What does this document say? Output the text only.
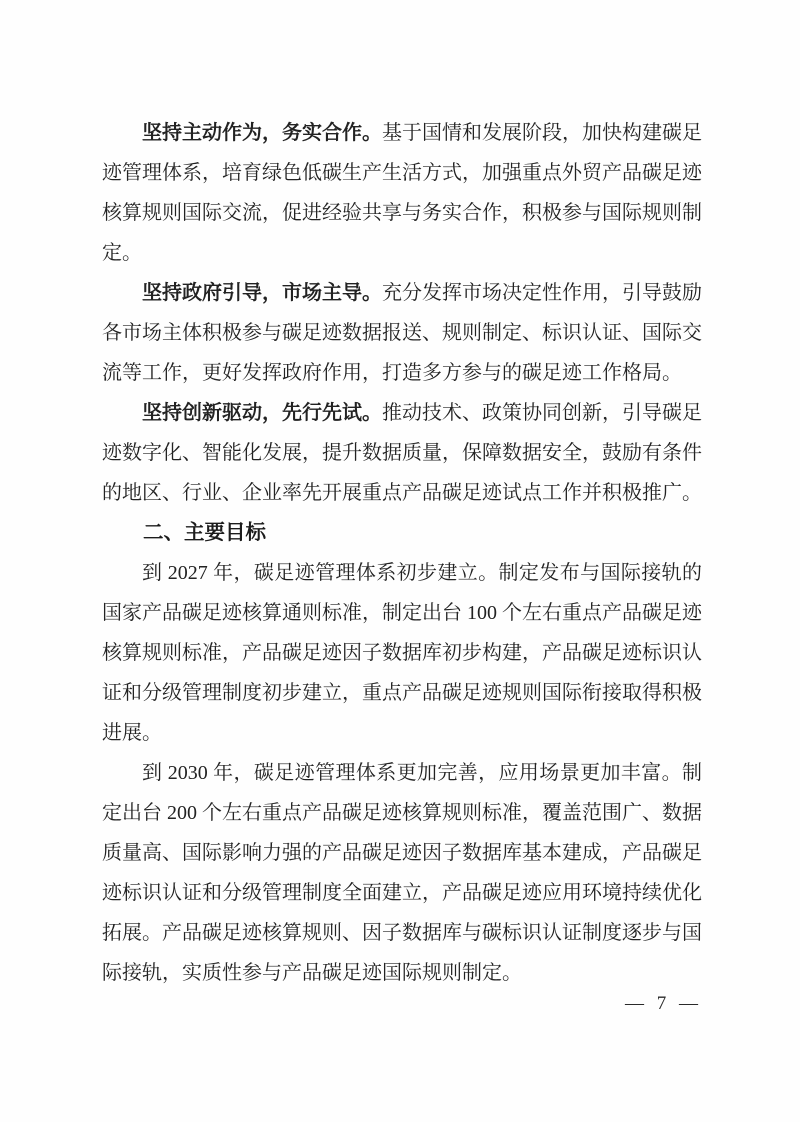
坚持主动作为，务实合作。基于国情和发展阶段，加快构建碳足迹管理体系，培育绿色低碳生产生活方式，加强重点外贸产品碳足迹核算规则国际交流，促进经验共享与务实合作，积极参与国际规则制定。

坚持政府引导，市场主导。充分发挥市场决定性作用，引导鼓励各市场主体积极参与碳足迹数据报送、规则制定、标识认证、国际交流等工作，更好发挥政府作用，打造多方参与的碳足迹工作格局。

坚持创新驱动，先行先试。推动技术、政策协同创新，引导碳足迹数字化、智能化发展，提升数据质量，保障数据安全，鼓励有条件的地区、行业、企业率先开展重点产品碳足迹试点工作并积极推广。

二、主要目标

到 2027 年，碳足迹管理体系初步建立。制定发布与国际接轨的国家产品碳足迹核算通则标准，制定出台 100 个左右重点产品碳足迹核算规则标准，产品碳足迹因子数据库初步构建，产品碳足迹标识认证和分级管理制度初步建立，重点产品碳足迹规则国际衔接取得积极进展。

到 2030 年，碳足迹管理体系更加完善，应用场景更加丰富。制定出台 200 个左右重点产品碳足迹核算规则标准，覆盖范围广、数据质量高、国际影响力强的产品碳足迹因子数据库基本建成，产品碳足迹标识认证和分级管理制度全面建立，产品碳足迹应用环境持续优化拓展。产品碳足迹核算规则、因子数据库与碳标识认证制度逐步与国际接轨，实质性参与产品碳足迹国际规则制定。

— 7 —
